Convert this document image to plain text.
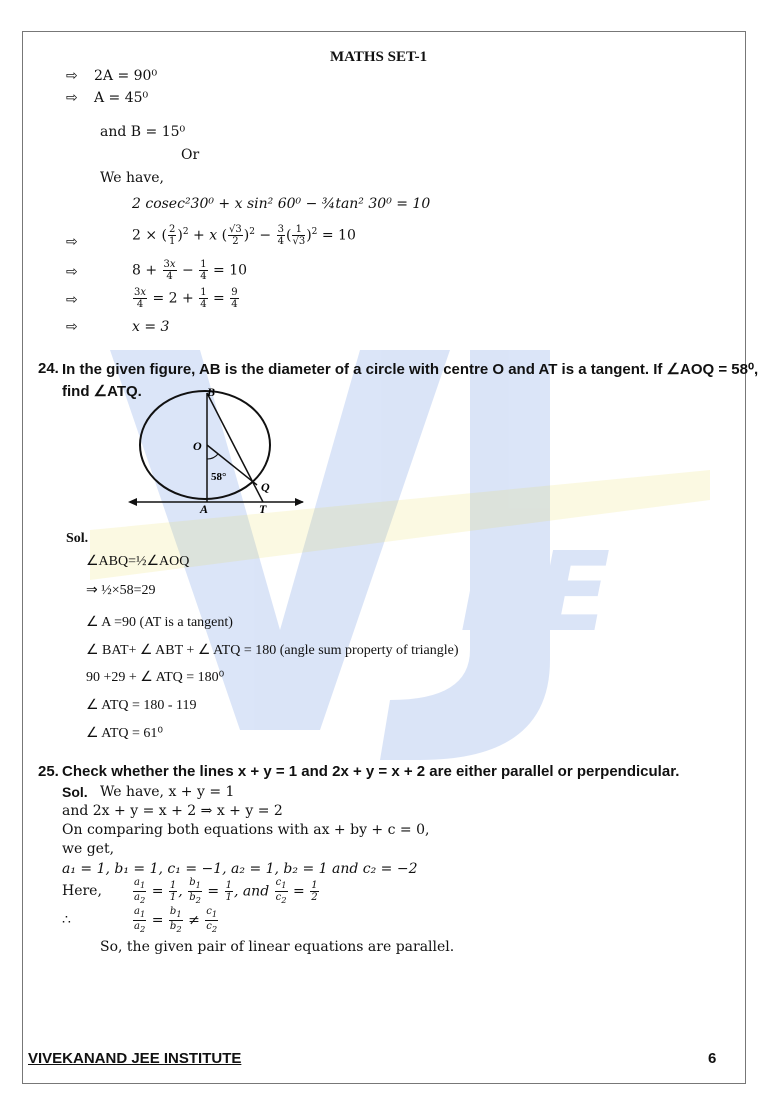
EE
MATHS SET-1
⇨ 2A = 90⁰
⇨ A = 45⁰
and B = 15⁰
Or
We have,
2 cosec²30⁰ + x sin² 60⁰ − ¾tan² 30⁰ = 10
⇨	2 × ( $\frac{2}{1} )^2 + x$ ( $\frac{√3}{2} )^2 - \frac{3}{4}$ ( $\frac{1}{√3} )^2 = 10$
⇨	$8 + \frac{3x}{4} - \frac{1}{4} = 10$
⇨	$\frac{3x}{4} = 2 + \frac{1}{4} = \frac{9}{4}$
⇨	x = 3
24. In the given figure, AB is the diameter of a circle with centre O and AT is a tangent. If ∠AOQ = 58⁰,
find ∠ATQ.	B
O
58°
Q
A	T
Sol.
∠ABQ=½∠AOQ
⇒ ½×58=29
∠ A =90 (AT is a tangent)
∠ BAT+ ∠ ABT + ∠ ATQ = 180 (angle sum property of triangle)
90 +29 + ∠ ATQ = 180⁰
∠ ATQ = 180 - 119
∠ ATQ = 61⁰
25. Check whether the lines x + y = 1 and 2x + y = x + 2 are either parallel or perpendicular.
Sol. We have, x + y = 1
and 2x + y = x + 2 ⇒ x + y = 2
On comparing both equations with ax + by + c = 0,
we get,
a₁ = 1, b₁ = 1, c₁ = −1, a₂ = 1, b₂ = 1 and c₂ = −2
Here,	$\frac{a_1}{a_2} = \frac{1}{1}$ , $\frac{b_1}{b_2} = \frac{1}{1}$ , and $\frac{c_1}{c_2} = \frac{1}{2}$
∴	$\frac{a_1}{a_2} = \frac{b_1}{b_2} \ne \frac{c_1}{c_2}$
So, the given pair of linear equations are parallel.
VIVEKANAND JEE INSTITUTE	6
